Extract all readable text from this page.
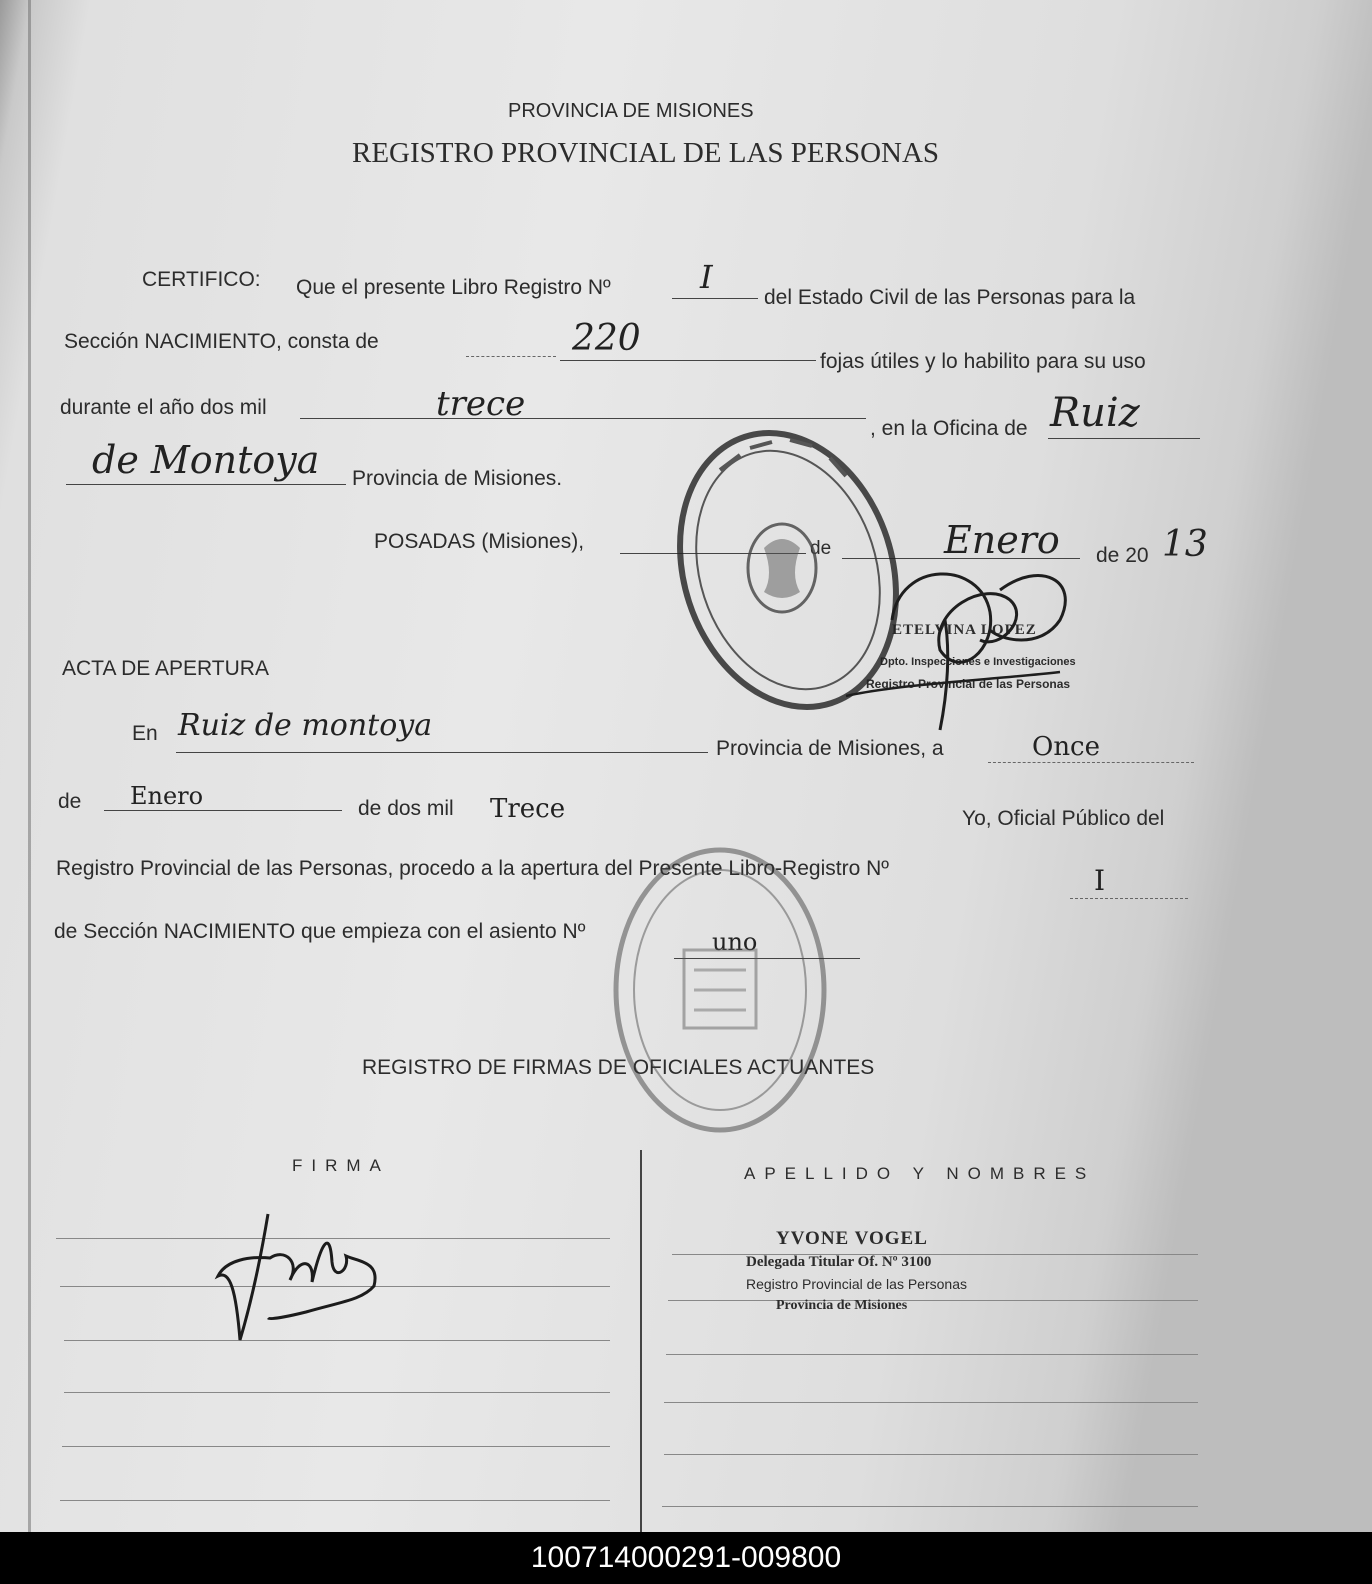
PROVINCIA DE MISIONES
REGISTRO PROVINCIAL DE LAS PERSONAS
CERTIFICO: Que el presente Libro Registro Nº	I
del Estado Civil de las Personas para la
Sección NACIMIENTO, consta de	220
fojas útiles y lo habilito para su uso
durante el año dos mil	trece
, en la Oficina de Ruiz
de Montoya Provincia de Misiones.
POSADAS (Misiones),	de	Enero de 20 13
ETELVINA LOPEZ
Dpto. Inspecciones e Investigaciones
Registro Provincial de las Personas
ACTA DE APERTURA
En Ruiz de montoya
Provincia de Misiones, a	Once
de Enero	de dos mil Trece	Yo, Oficial Público del
Registro Provincial de las Personas, procedo a la apertura del Presente Libro-Registro Nº	I
de Sección NACIMIENTO que empieza con el asiento Nº	uno
REGISTRO DE FIRMAS DE OFICIALES ACTUANTES
FIRMA	APELLIDO Y NOMBRES
YVONE VOGEL
Delegada Titular Of. Nº 3100
Registro Provincial de las Personas
Provincia de Misiones
100714000291-009800
